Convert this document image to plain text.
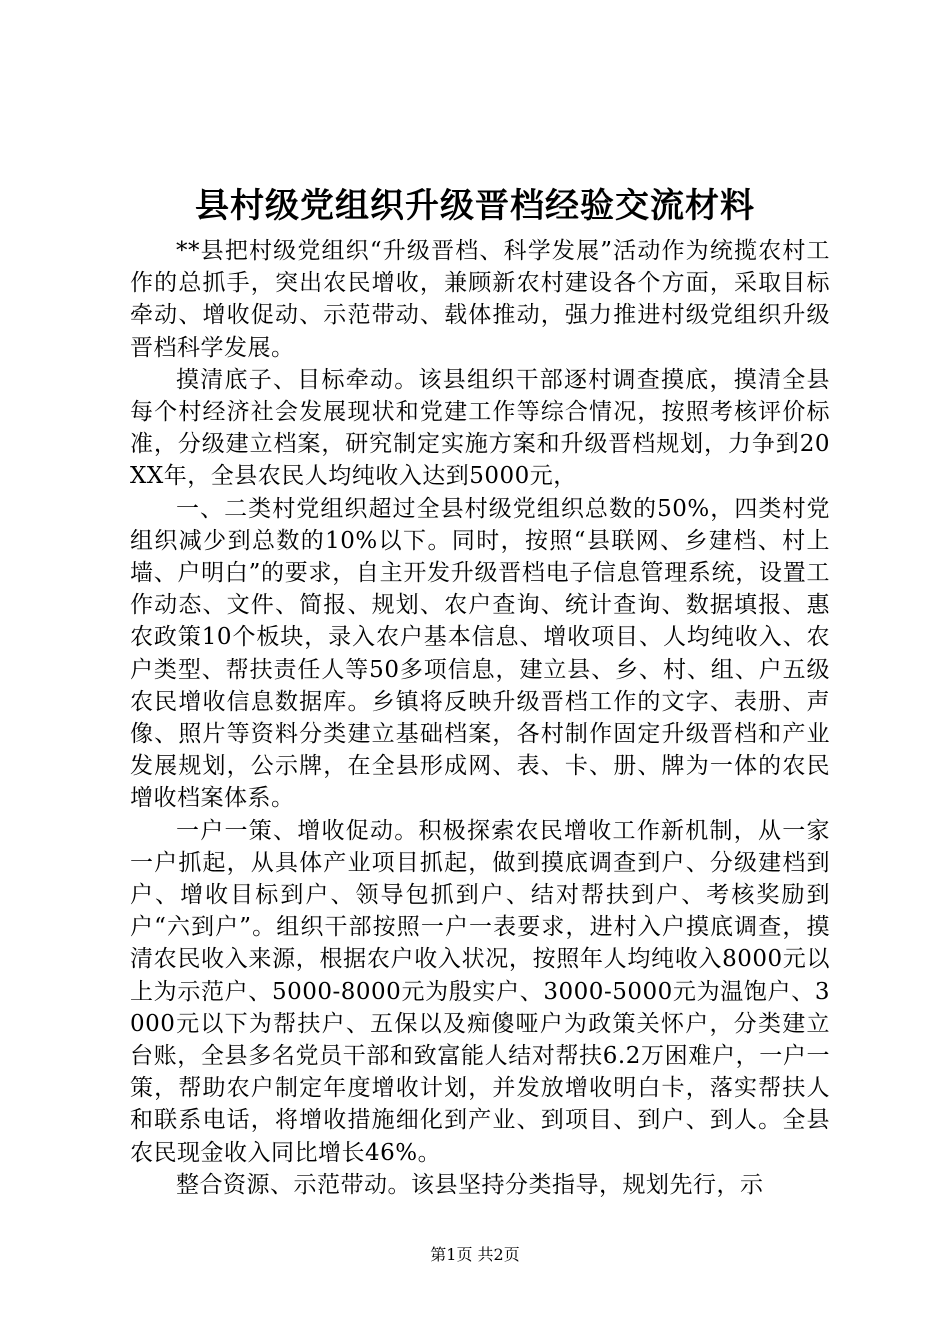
县村级党组织升级晋档经验交流材料

**县把村级党组织“升级晋档、科学发展”活动作为统揽农村工作的总抓手，突出农民增收，兼顾新农村建设各个方面，采取目标牵动、增收促动、示范带动、载体推动，强力推进村级党组织升级晋档科学发展。

摸清底子、目标牵动。该县组织干部逐村调查摸底，摸清全县每个村经济社会发展现状和党建工作等综合情况，按照考核评价标准，分级建立档案，研究制定实施方案和升级晋档规划，力争到20XX年，全县农民人均纯收入达到5000元，

一、二类村党组织超过全县村级党组织总数的50%，四类村党组织减少到总数的10%以下。同时，按照“县联网、乡建档、村上墙、户明白”的要求，自主开发升级晋档电子信息管理系统，设置工作动态、文件、简报、规划、农户查询、统计查询、数据填报、惠农政策10个板块，录入农户基本信息、增收项目、人均纯收入、农户类型、帮扶责任人等50多项信息，建立县、乡、村、组、户五级农民增收信息数据库。乡镇将反映升级晋档工作的文字、表册、声像、照片等资料分类建立基础档案，各村制作固定升级晋档和产业发展规划，公示牌，在全县形成网、表、卡、册、牌为一体的农民增收档案体系。

一户一策、增收促动。积极探索农民增收工作新机制，从一家一户抓起，从具体产业项目抓起，做到摸底调查到户、分级建档到户、增收目标到户、领导包抓到户、结对帮扶到户、考核奖励到户“六到户”。组织干部按照一户一表要求，进村入户摸底调查，摸清农民收入来源，根据农户收入状况，按照年人均纯收入8000元以上为示范户、5000-8000元为殷实户、3000-5000元为温饱户、3000元以下为帮扶户、五保以及痴傻哑户为政策关怀户，分类建立台账，全县多名党员干部和致富能人结对帮扶6.2万困难户，一户一策，帮助农户制定年度增收计划，并发放增收明白卡，落实帮扶人和联系电话，将增收措施细化到产业、到项目、到户、到人。全县农民现金收入同比增长46%。

整合资源、示范带动。该县坚持分类指导，规划先行，示

第1页 共2页
